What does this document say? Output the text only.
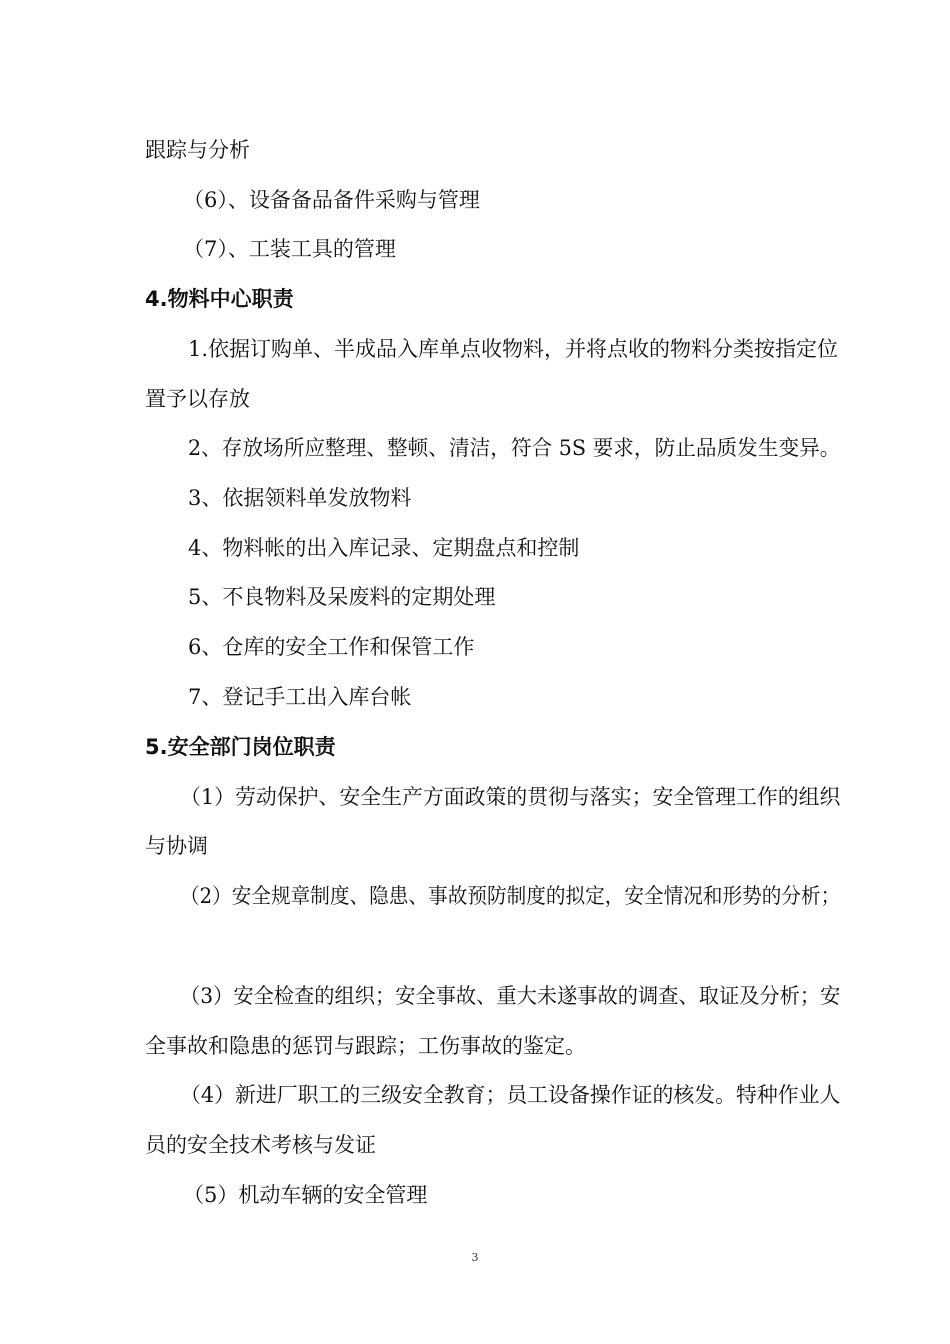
跟踪与分析
（6）、设备备品备件采购与管理
（7）、工装工具的管理
4.物料中心职责
1.依据订购单、半成品入库单点收物料，并将点收的物料分类按指定位
置予以存放
2、存放场所应整理、整顿、清洁，符合 5S 要求，防止品质发生变异。
3、依据领料单发放物料
4、物料帐的出入库记录、定期盘点和控制
5、不良物料及呆废料的定期处理
6、仓库的安全工作和保管工作
7、登记手工出入库台帐
5.安全部门岗位职责
（1）劳动保护、安全生产方面政策的贯彻与落实；安全管理工作的组织
与协调
（2）安全规章制度、隐患、事故预防制度的拟定，安全情况和形势的分析；
（3）安全检查的组织；安全事故、重大未遂事故的调查、取证及分析；安
全事故和隐患的惩罚与跟踪；工伤事故的鉴定。
（4）新进厂职工的三级安全教育；员工设备操作证的核发。特种作业人
员的安全技术考核与发证
（5）机动车辆的安全管理
3
